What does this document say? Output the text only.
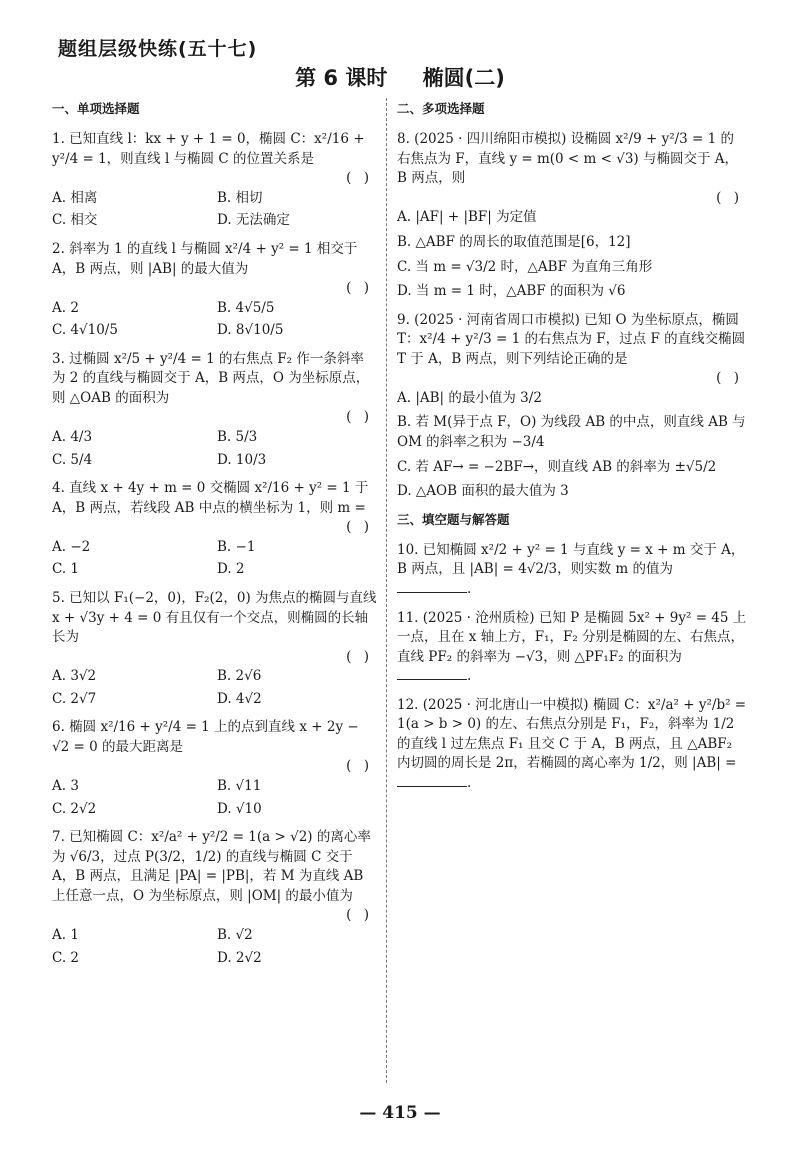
题组层级快练(五十七)
第 6 课时 椭圆(二)
一、单项选择题
1. 已知直线 l：kx + y + 1 = 0，椭圆 C：x²/16 + y²/4 = 1，则直线 l 与椭圆 C 的位置关系是
( )
A. 相离	B. 相切
C. 相交	D. 无法确定
2. 斜率为 1 的直线 l 与椭圆 x²/4 + y² = 1 相交于 A，B 两点，则 |AB| 的最大值为
( )
A. 2	B. 4√5/5
C. 4√10/5	D. 8√10/5
3. 过椭圆 x²/5 + y²/4 = 1 的右焦点 F₂ 作一条斜率为 2 的直线与椭圆交于 A，B 两点，O 为坐标原点，则 △OAB 的面积为
( )
A. 4/3	B. 5/3
C. 5/4	D. 10/3
4. 直线 x + 4y + m = 0 交椭圆 x²/16 + y² = 1 于 A，B 两点，若线段 AB 中点的横坐标为 1，则 m =
( )
A. −2	B. −1
C. 1	D. 2
5. 已知以 F₁(−2，0)，F₂(2，0) 为焦点的椭圆与直线 x + √3y + 4 = 0 有且仅有一个交点，则椭圆的长轴长为
( )
A. 3√2	B. 2√6
C. 2√7	D. 4√2
6. 椭圆 x²/16 + y²/4 = 1 上的点到直线 x + 2y − √2 = 0 的最大距离是
( )
A. 3	B. √11
C. 2√2	D. √10
7. 已知椭圆 C：x²/a² + y²/2 = 1(a > √2) 的离心率为 √6/3，过点 P(3/2，1/2) 的直线与椭圆 C 交于 A，B 两点，且满足 |PA| = |PB|，若 M 为直线 AB 上任意一点，O 为坐标原点，则 |OM| 的最小值为
( )
A. 1	B. √2
C. 2	D. 2√2
二、多项选择题
8. (2025 · 四川绵阳市模拟) 设椭圆 x²/9 + y²/3 = 1 的右焦点为 F，直线 y = m(0 < m < √3) 与椭圆交于 A，B 两点，则
( )
A. |AF| + |BF| 为定值
B. △ABF 的周长的取值范围是[6，12]
C. 当 m = √3/2 时，△ABF 为直角三角形
D. 当 m = 1 时，△ABF 的面积为 √6
9. (2025 · 河南省周口市模拟) 已知 O 为坐标原点，椭圆 T：x²/4 + y²/3 = 1 的右焦点为 F，过点 F 的直线交椭圆 T 于 A，B 两点，则下列结论正确的是
( )
A. |AB| 的最小值为 3/2
B. 若 M(异于点 F，O) 为线段 AB 的中点，则直线 AB 与 OM 的斜率之积为 −3/4
C. 若 AF→ = −2BF→，则直线 AB 的斜率为 ±√5/2
D. △AOB 面积的最大值为 3
三、填空题与解答题
10. 已知椭圆 x²/2 + y² = 1 与直线 y = x + m 交于 A，B 两点，且 |AB| = 4√2/3，则实数 m 的值为 .
11. (2025 · 沧州质检) 已知 P 是椭圆 5x² + 9y² = 45 上一点，且在 x 轴上方，F₁，F₂ 分别是椭圆的左、右焦点，直线 PF₂ 的斜率为 −√3，则 △PF₁F₂ 的面积为 .
12. (2025 · 河北唐山一中模拟) 椭圆 C：x²/a² + y²/b² = 1(a > b > 0) 的左、右焦点分别是 F₁，F₂，斜率为 1/2 的直线 l 过左焦点 F₁ 且交 C 于 A，B 两点，且 △ABF₂ 内切圆的周长是 2π，若椭圆的离心率为 1/2，则 |AB| = .
— 415 —
